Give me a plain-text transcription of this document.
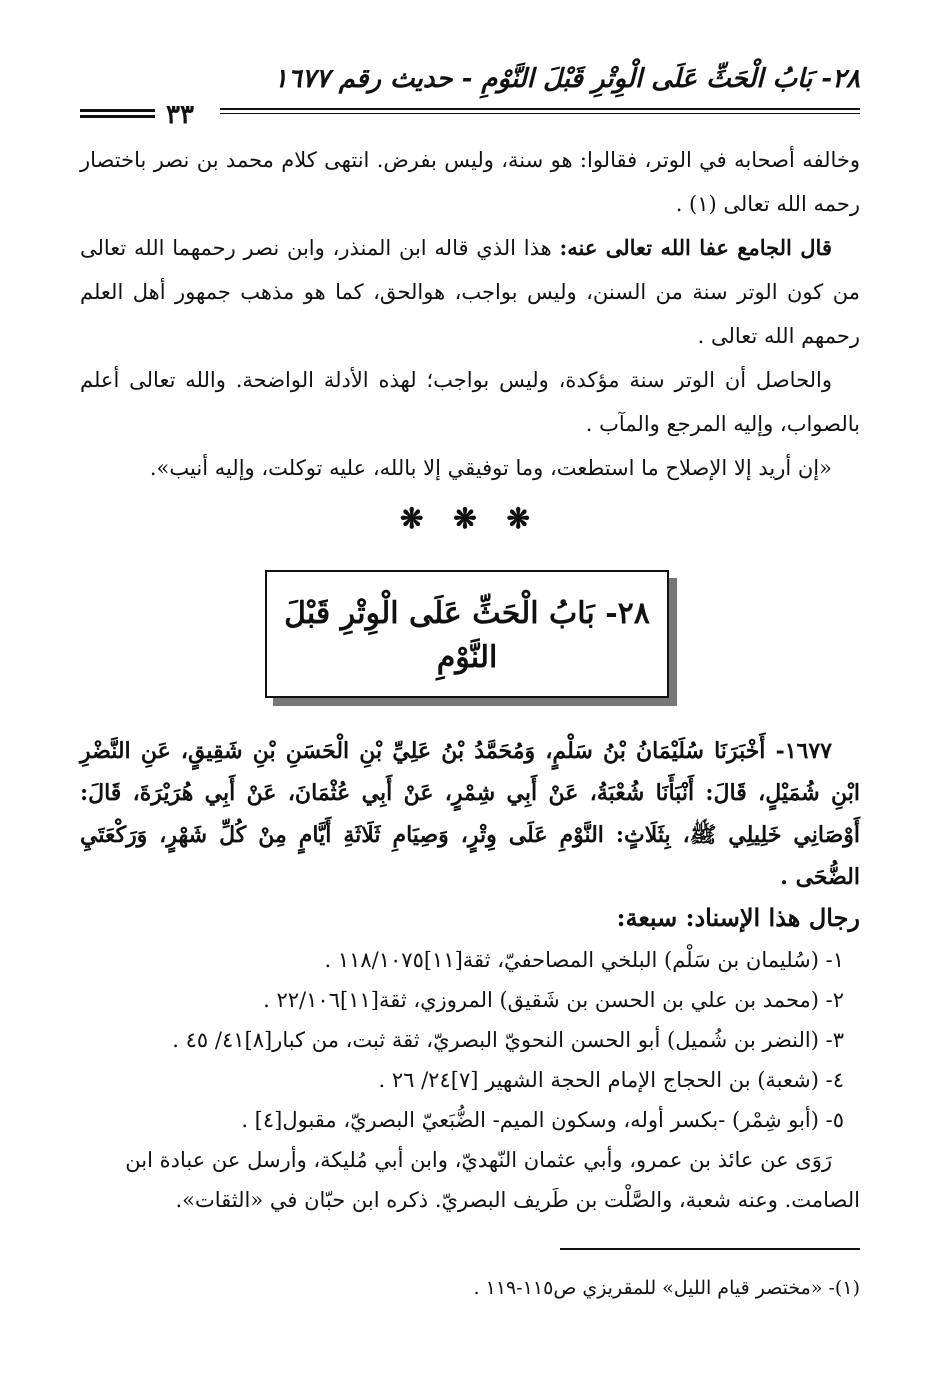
٢٨- بَابُ الْحَثِّ عَلَى الْوِتْرِ قَبْلَ النَّوْمِ - حديث رقم ١٦٧٧
٣٣

وخالفه أصحابه في الوتر، فقالوا: هو سنة، وليس بفرض. انتهى كلام محمد بن نصر باختصار رحمه الله تعالى (١) .

قال الجامع عفا الله تعالى عنه: هذا الذي قاله ابن المنذر، وابن نصر رحمهما الله تعالى من كون الوتر سنة من السنن، وليس بواجب، هوالحق، كما هو مذهب جمهور أهل العلم رحمهم الله تعالى .

والحاصل أن الوتر سنة مؤكدة، وليس بواجب؛ لهذه الأدلة الواضحة. والله تعالى أعلم بالصواب، وإليه المرجع والمآب .

«إن أريد إلا الإصلاح ما استطعت، وما توفيقي إلا بالله، عليه توكلت، وإليه أنيب».

❋ ❋ ❋
٢٨- بَابُ الْحَثِّ عَلَى الْوِتْرِ قَبْلَ
النَّوْمِ

١٦٧٧- أَخْبَرَنَا سُلَيْمَانُ بْنُ سَلْمٍ، وَمُحَمَّدُ بْنُ عَلِيِّ بْنِ الْحَسَنِ بْنِ شَقِيقٍ، عَنِ النَّضْرِ ابْنِ شُمَيْلٍ، قَالَ: أَنْبَأَنَا شُعْبَةُ، عَنْ أَبِي شِمْرٍ، عَنْ أَبِي عُثْمَانَ، عَنْ أَبِي هُرَيْرَةَ، قَالَ: أَوْصَانِي خَلِيلِي ﷺ، بِثَلَاثٍ: النَّوْمِ عَلَى وِتْرٍ، وَصِيَامِ ثَلَاثَةِ أَيَّامٍ مِنْ كُلِّ شَهْرٍ، وَرَكْعَتَيِ الضُّحَى .

رجال هذا الإسناد: سبعة:

١- (سُليمان بن سَلْم) البلخي المصاحفيّ، ثقة[١١]١١٨/١٠٧٥ .

٢- (محمد بن علي بن الحسن بن شَقيق) المروزي، ثقة[١١]٢٢/١٠٦ .

٣- (النضر بن شُميل) أبو الحسن النحويّ البصريّ، ثقة ثبت، من كبار[٨]٤١/ ٤٥ .

٤- (شعبة) بن الحجاج الإمام الحجة الشهير [٧]٢٤/ ٢٦ .

٥- (أبو شِمْر) -بكسر أوله، وسكون الميم- الضُّبَعيّ البصريّ، مقبول[٤] .

رَوَى عن عائذ بن عمرو، وأبي عثمان النّهديّ، وابن أبي مُليكة، وأرسل عن عبادة ابن الصامت. وعنه شعبة، والصَّلْت بن طَريف البصريّ. ذكره ابن حبّان في «الثقات».

(١)- «مختصر قيام الليل» للمقريزي ص١١٥-١١٩ .
